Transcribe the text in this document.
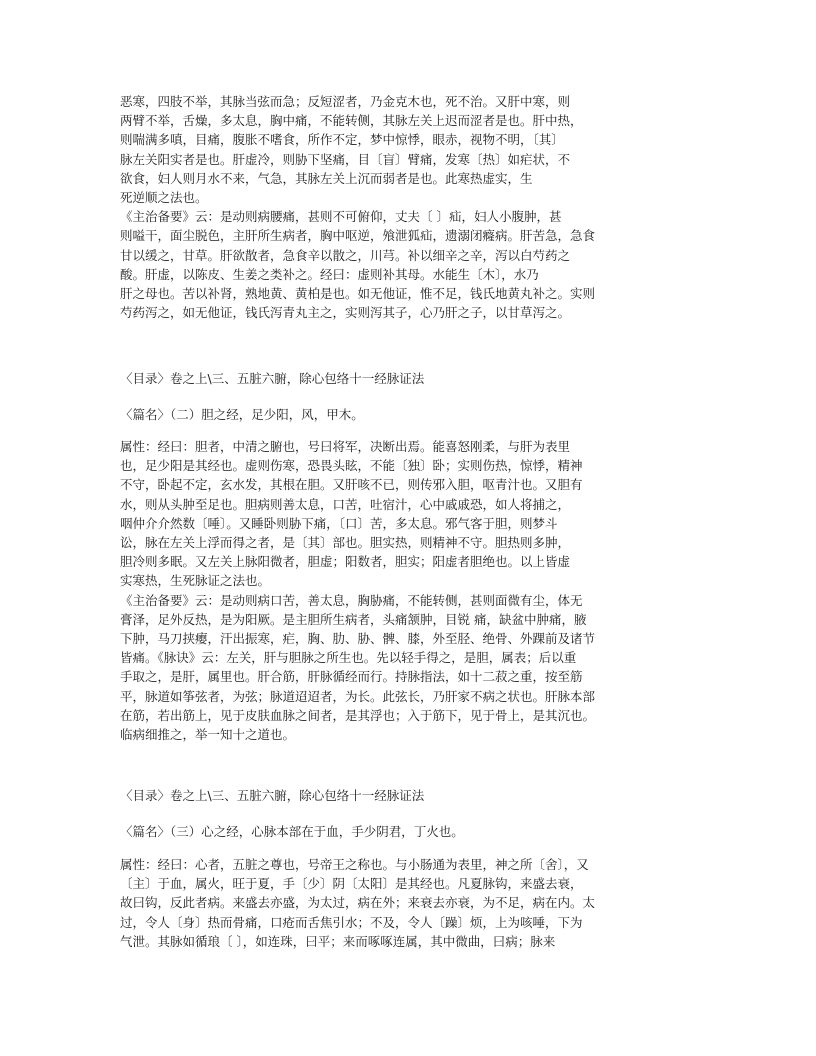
恶寒，四肢不举，其脉当弦而急；反短涩者，乃金克木也，死不治。又肝中寒，则
两臂不举，舌燥，多太息，胸中痛，不能转侧，其脉左关上迟而涩者是也。肝中热，
则喘满多嗔，目痛，腹胀不嗜食，所作不定，梦中惊悸，眼赤，视物不明，〔其〕
脉左关阳实者是也。肝虚冷，则胁下坚痛，目〔盲〕臂痛，发寒〔热〕如疟状，不
欲食，妇人则月水不来，气急，其脉左关上沉而弱者是也。此寒热虚实，生
死逆顺之法也。
《主治备要》云：是动则病腰痛，甚则不可俯仰，丈夫〔 〕疝，妇人小腹肿，甚
则嗌干，面尘脱色，主肝所生病者，胸中呕逆，飧泄狐疝，遗溺闭癃病。肝苦急，急食
甘以缓之，甘草。肝欲散者，急食辛以散之，川芎。补以细辛之辛，泻以白芍药之
酸。肝虚，以陈皮、生姜之类补之。经曰：虚则补其母。水能生〔木〕，水乃
肝之母也。苦以补肾，熟地黄、黄柏是也。如无他证，惟不足，钱氏地黄丸补之。实则
芍药泻之，如无他证，钱氏泻青丸主之，实则泻其子，心乃肝之子，以甘草泻之。
〈目录〉卷之上\三、五脏六腑，除心包络十一经脉证法
〈篇名〉（二）胆之经，足少阳，风，甲木。
属性：经曰：胆者，中清之腑也，号曰将军，决断出焉。能喜怒刚柔，与肝为表里
也，足少阳是其经也。虚则伤寒，恐畏头眩，不能〔独〕卧；实则伤热，惊悸，精神
不守，卧起不定，玄水发，其根在胆。又肝咳不已，则传邪入胆，呕青汁也。又胆有
水，则从头肿至足也。胆病则善太息，口苦，吐宿汁，心中戚戚恐，如人将捕之，
咽仲介介然数〔唾〕。又睡卧则胁下痛，〔口〕苦，多太息。邪气客于胆，则梦斗
讼，脉在左关上浮而得之者，是〔其〕部也。胆实热，则精神不守。胆热则多肿，
胆冷则多眠。又左关上脉阳微者，胆虚；阳数者，胆实；阳虚者胆绝也。以上皆虚
实寒热，生死脉证之法也。
《主治备要》云：是动则病口苦，善太息，胸胁痛，不能转侧，甚则面微有尘，体无
膏泽，足外反热，是为阳厥。是主胆所生病者，头痛颔肿，目锐 痛，缺盆中肿痛，腋
下肿，马刀挟瘿，汗出振寒，疟，胸、肋、胁、髀、膝，外至胫、绝骨、外踝前及诸节
皆痛。《脉诀》云：左关，肝与胆脉之所生也。先以轻手得之，是胆，属表；后以重
手取之，是肝，属里也。肝合筋，肝脉循经而行。持脉指法，如十二菽之重，按至筋
平，脉道如筝弦者，为弦；脉道迢迢者，为长。此弦长，乃肝家不病之状也。肝脉本部
在筋，若出筋上，见于皮肤血脉之间者，是其浮也；入于筋下，见于骨上，是其沉也。
临病细推之，举一知十之道也。
〈目录〉卷之上\三、五脏六腑，除心包络十一经脉证法
〈篇名〉（三）心之经，心脉本部在于血，手少阴君，丁火也。
属性：经曰：心者，五脏之尊也，号帝王之称也。与小肠通为表里，神之所〔舍〕，又
〔主〕于血，属火，旺于夏，手〔少〕阴〔太阳〕是其经也。凡夏脉钩，来盛去衰，
故曰钩，反此者病。来盛去亦盛，为太过，病在外；来衰去亦衰，为不足，病在内。太
过，令人〔身〕热而骨痛，口疮而舌焦引水；不及，令人〔躁〕烦，上为咳唾，下为
气泄。其脉如循琅〔 〕，如连珠，曰平；来而啄啄连属，其中微曲，曰病；脉来
